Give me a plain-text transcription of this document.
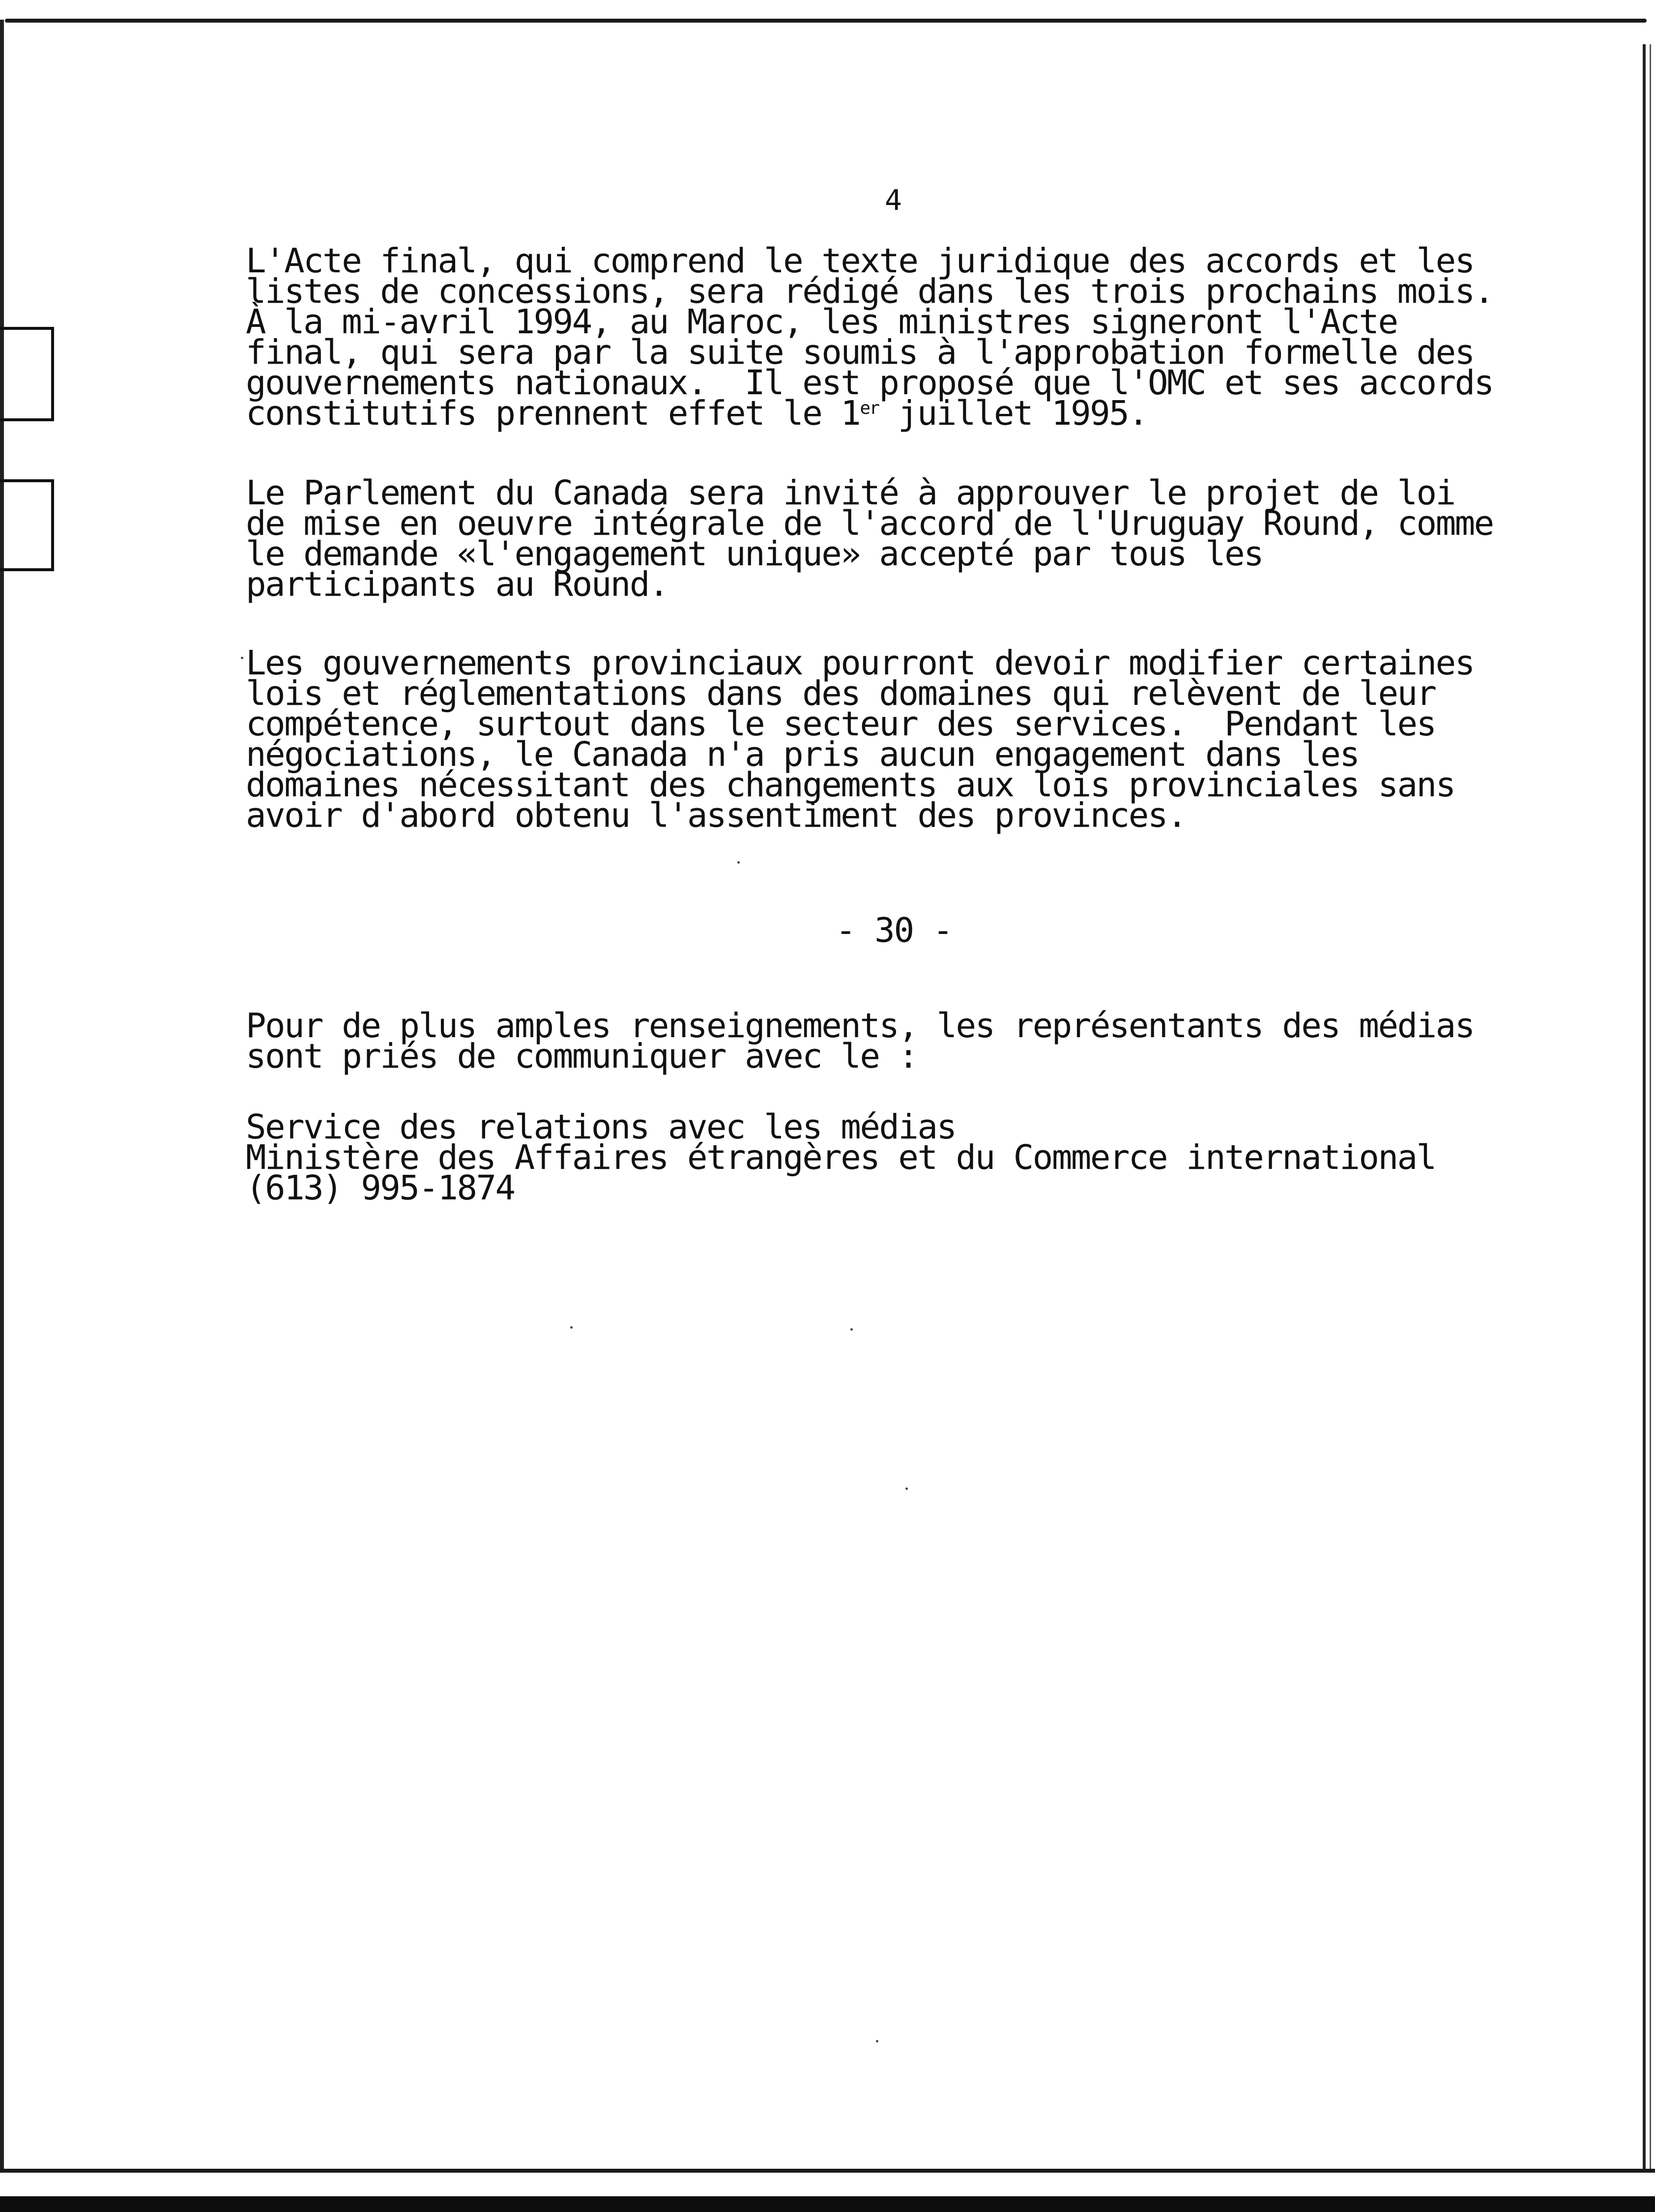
4
L'Acte final, qui comprend le texte juridique des accords et les
listes de concessions, sera rédigé dans les trois prochains mois.
À la mi-avril 1994, au Maroc, les ministres signeront l'Acte
final, qui sera par la suite soumis à l'approbation formelle des
gouvernements nationaux.  Il est proposé que l'OMC et ses accords
constitutifs prennent effet le 1er juillet 1995.
Le Parlement du Canada sera invité à approuver le projet de loi
de mise en oeuvre intégrale de l'accord de l'Uruguay Round, comme
le demande «l'engagement unique» accepté par tous les
participants au Round.
Les gouvernements provinciaux pourront devoir modifier certaines
lois et réglementations dans des domaines qui relèvent de leur
compétence, surtout dans le secteur des services.  Pendant les
négociations, le Canada n'a pris aucun engagement dans les
domaines nécessitant des changements aux lois provinciales sans
avoir d'abord obtenu l'assentiment des provinces.
- 30 -
Pour de plus amples renseignements, les représentants des médias
sont priés de communiquer avec le :
Service des relations avec les médias
Ministère des Affaires étrangères et du Commerce international
(613) 995-1874
